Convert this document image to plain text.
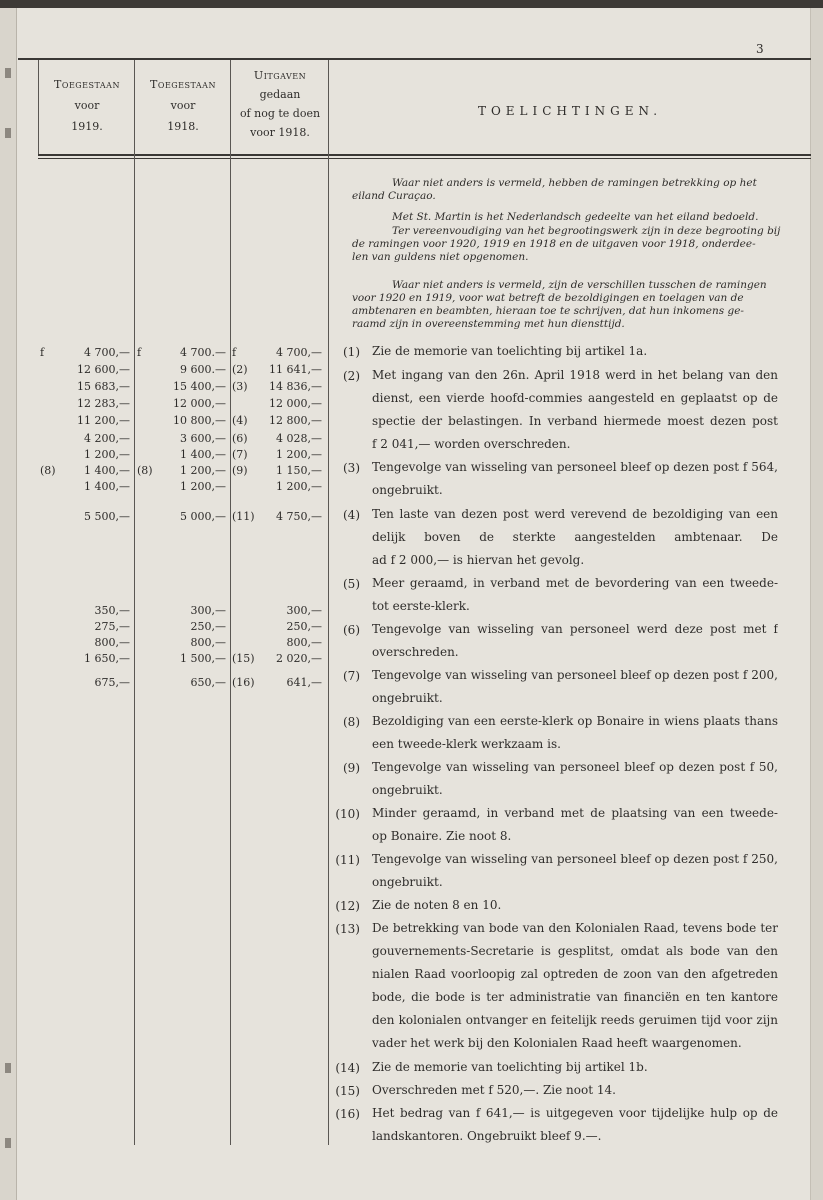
3
Toegestaan
voor
1919.
Toegestaan
voor
1918.
Uitgaven
gedaan
of nog te doen
voor 1918.
TOELICHTINGEN.
Waar niet anders is vermeld, hebben de ramingen betrekking op het
eiland Curaçao.
Met St. Martin is het Nederlandsch gedeelte van het eiland bedoeld.
Ter vereenvoudiging van het begrootingswerk zijn in deze begrooting bij
de ramingen voor 1920, 1919 en 1918 en de uitgaven voor 1918, onderdee-
len van guldens niet opgenomen.
Waar niet anders is vermeld, zijn de verschillen tusschen de ramingen
voor 1920 en 1919, voor wat betreft de bezoldigingen en toelagen van de
ambtenaren en beambten, hieraan toe te schrijven, dat hun inkomens ge-
raamd zijn in overeenstemming met hun diensttijd.
f	4 700,— f	4 700.— f	4 700,—
12 600,—	9 600.— (2)	11 641,—
15 683,—	15 400,— (3)	14 836,—
12 283,—	12 000,—	12 000,—
11 200,—	10 800,— (4)	12 800,—
4 200,—	3 600,— (6)	4 028,—
1 200,—	1 400,— (7)	1 200,—
(8)	1 400,— (8)	1 200,— (9)	1 150,—
1 400,—	1 200,—	1 200,—
5 500,—	5 000,— (11)	4 750,—
350,—	300,—	300,—
275,—	250,—	250,—
800,—	800,—	800,—
1 650,—	1 500,— (15)	2 020,—
675,—	650,— (16)	641,—
(1) Zie de memorie van toelichting bij artikel 1a.
(2) Met ingang van den 26n. April 1918 werd in het belang van den
dienst, een vierde hoofd-commies aangesteld en geplaatst op de
spectie der belastingen. In verband hiermede moest dezen post
f 2 041,— worden overschreden.
(3) Tengevolge van wisseling van personeel bleef op dezen post f 564,
ongebruikt.
(4) Ten laste van dezen post werd verevend de bezoldiging van een
delijk boven de sterkte aangestelden ambtenaar. De
ad f 2 000,— is hiervan het gevolg.
(5) Meer geraamd, in verband met de bevordering van een tweede-
tot eerste-klerk.
(6) Tengevolge van wisseling van personeel werd deze post met f
overschreden.
(7) Tengevolge van wisseling van personeel bleef op dezen post f 200,
ongebruikt.
(8) Bezoldiging van een eerste-klerk op Bonaire in wiens plaats thans
een tweede-klerk werkzaam is.
(9) Tengevolge van wisseling van personeel bleef op dezen post f 50,
ongebruikt.
(10) Minder geraamd, in verband met de plaatsing van een tweede-
op Bonaire. Zie noot 8.
(11) Tengevolge van wisseling van personeel bleef op dezen post f 250,
ongebruikt.
(12) Zie de noten 8 en 10.
(13) De betrekking van bode van den Kolonialen Raad, tevens bode ter
gouvernements-Secretarie is gesplitst, omdat als bode van den
nialen Raad voorloopig zal optreden de zoon van den afgetreden
bode, die bode is ter administratie van financiën en ten kantore
den kolonialen ontvanger en feitelijk reeds geruimen tijd voor zijn
vader het werk bij den Kolonialen Raad heeft waargenomen.
(14) Zie de memorie van toelichting bij artikel 1b.
(15) Overschreden met f 520,—. Zie noot 14.
(16) Het bedrag van f 641,— is uitgegeven voor tijdelijke hulp op de
landskantoren. Ongebruikt bleef 9.—.
